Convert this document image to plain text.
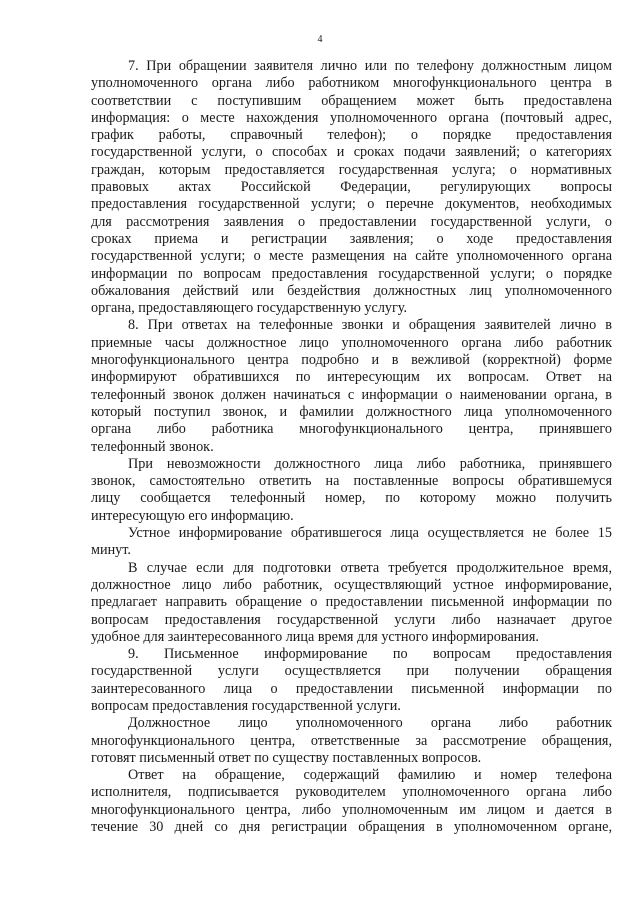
4

7. При обращении заявителя лично или по телефону должностным лицом
уполномоченного органа либо работником многофункционального центра в
соответствии с поступившим обращением может быть предоставлена
информация: о месте нахождения уполномоченного органа (почтовый адрес,
график работы, справочный телефон); о порядке предоставления
государственной услуги, о способах и сроках подачи заявлений; о категориях
граждан, которым предоставляется государственная услуга; о нормативных
правовых актах Российской Федерации, регулирующих вопросы
предоставления государственной услуги; о перечне документов, необходимых
для рассмотрения заявления о предоставлении государственной услуги, о
сроках приема и регистрации заявления; о ходе предоставления
государственной услуги; о месте размещения на сайте уполномоченного органа
информации по вопросам предоставления государственной услуги; о порядке
обжалования действий или бездействия должностных лиц уполномоченного
органа, предоставляющего государственную услугу.

8. При ответах на телефонные звонки и обращения заявителей лично в
приемные часы должностное лицо уполномоченного органа либо работник
многофункционального центра подробно и в вежливой (корректной) форме
информируют обратившихся по интересующим их вопросам. Ответ на
телефонный звонок должен начинаться с информации о наименовании органа, в
который поступил звонок, и фамилии должностного лица уполномоченного
органа либо работника многофункционального центра, принявшего
телефонный звонок.

При невозможности должностного лица либо работника, принявшего
звонок, самостоятельно ответить на поставленные вопросы обратившемуся
лицу сообщается телефонный номер, по которому можно получить
интересующую его информацию.

Устное информирование обратившегося лица осуществляется не более 15
минут.

В случае если для подготовки ответа требуется продолжительное время,
должностное лицо либо работник, осуществляющий устное информирование,
предлагает направить обращение о предоставлении письменной информации по
вопросам предоставления государственной услуги либо назначает другое
удобное для заинтересованного лица время для устного информирования.

9. Письменное информирование по вопросам предоставления
государственной услуги осуществляется при получении обращения
заинтересованного лица о предоставлении письменной информации по
вопросам предоставления государственной услуги.

Должностное лицо уполномоченного органа либо работник
многофункционального центра, ответственные за рассмотрение обращения,
готовят письменный ответ по существу поставленных вопросов.

Ответ на обращение, содержащий фамилию и номер телефона
исполнителя, подписывается руководителем уполномоченного органа либо
многофункционального центра, либо уполномоченным им лицом и дается в
течение 30 дней со дня регистрации обращения в уполномоченном органе,
